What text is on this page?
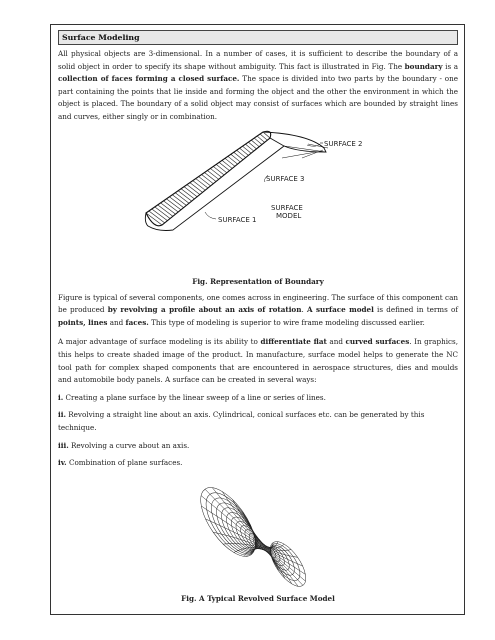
Surface Modeling

All physical objects are 3-dimensional. In a number of cases, it is sufficient to describe the boundary of a solid object in order to specify its shape without ambiguity. This fact is illustrated in Fig. The boundary is a collection of faces forming a closed surface. The space is divided into two parts by the boundary - one part containing the points that lie inside and forming the object and the other the environment in which the object is placed. The boundary of a solid object may consist of surfaces which are bounded by straight lines and curves, either singly or in combination.

SURFACE 2
SURFACE 3
SURFACE 1
SURFACE
MODEL
Fig. Representation of Boundary

Figure is typical of several components, one comes across in engineering. The surface of this component can be produced by revolving a profile about an axis of rotation. A surface model is defined in terms of points, lines and faces. This type of modeling is superior to wire frame modeling discussed earlier.

A major advantage of surface modeling is its ability to differentiate flat and curved surfaces. In graphics, this helps to create shaded image of the product. In manufacture, surface model helps to generate the NC tool path for complex shaped components that are encountered in aerospace structures, dies and moulds and automobile body panels. A surface can be created in several ways:

i. Creating a plane surface by the linear sweep of a line or series of lines.
ii. Revolving a straight line about an axis. Cylindrical, conical surfaces etc. can be generated by this technique.
iii. Revolving a curve about an axis.
iv. Combination of plane surfaces.
Fig. A Typical Revolved Surface Model
